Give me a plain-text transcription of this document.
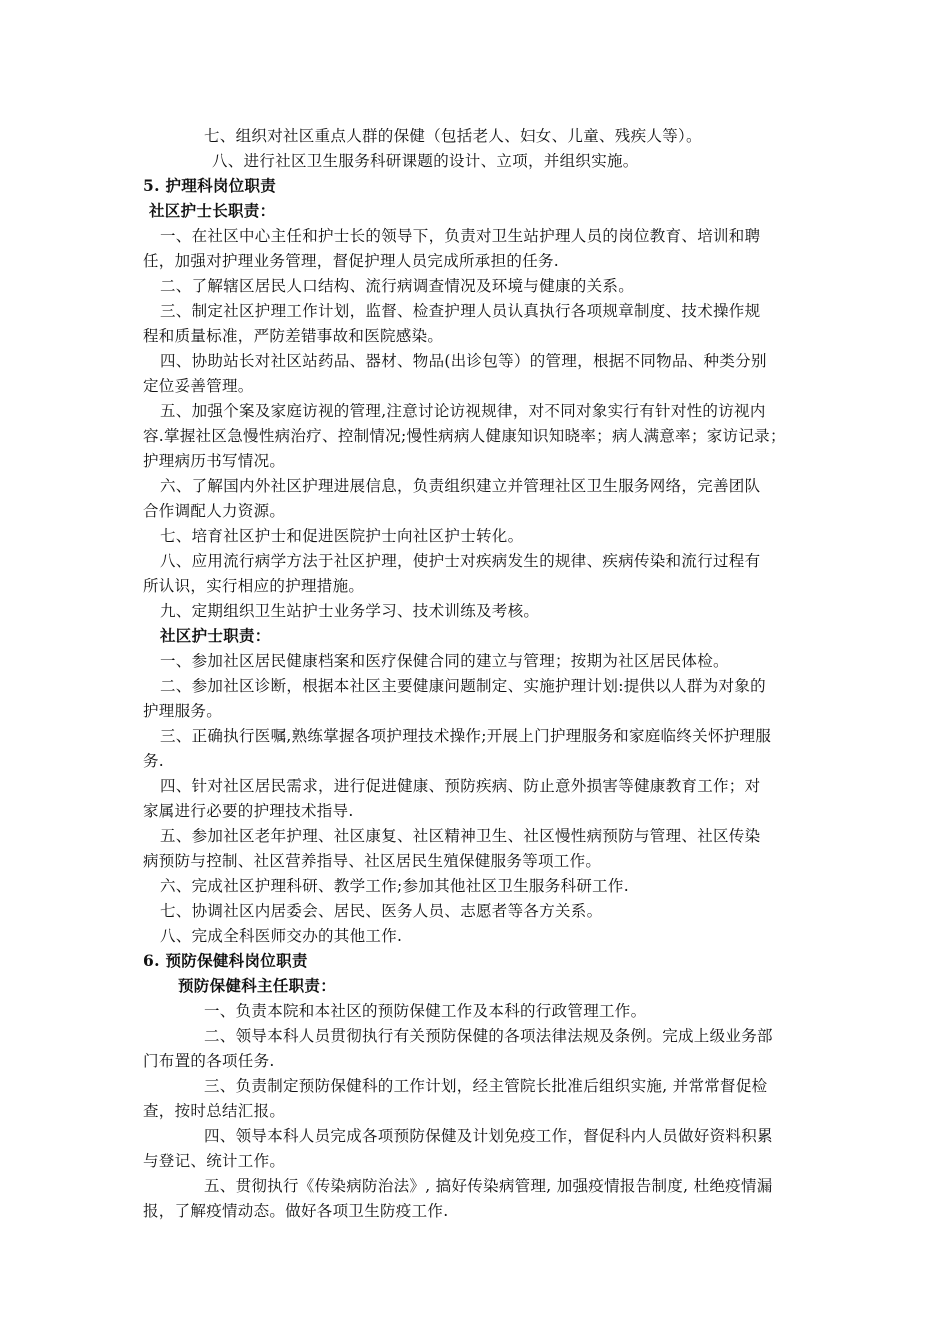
七、组织对社区重点人群的保健（包括老人、妇女、儿童、残疾人等）。
八、进行社区卫生服务科研课题的设计、立项，并组织实施。
5. 护理科岗位职责
社区护士长职责：
一、在社区中心主任和护士长的领导下，负责对卫生站护理人员的岗位教育、培训和聘
任，加强对护理业务管理，督促护理人员完成所承担的任务.
二、了解辖区居民人口结构、流行病调查情况及环境与健康的关系。
三、制定社区护理工作计划，监督、检查护理人员认真执行各项规章制度、技术操作规
程和质量标准，严防差错事故和医院感染。
四、协助站长对社区站药品、器材、物品(出诊包等）的管理，根据不同物品、种类分别
定位妥善管理。
五、加强个案及家庭访视的管理,注意讨论访视规律，对不同对象实行有针对性的访视内
容.掌握社区急慢性病治疗、控制情况;慢性病病人健康知识知晓率；病人满意率；家访记录；
护理病历书写情况。
六、了解国内外社区护理进展信息，负责组织建立并管理社区卫生服务网络，完善团队
合作调配人力资源。
七、培育社区护士和促进医院护士向社区护士转化。
八、应用流行病学方法于社区护理，使护士对疾病发生的规律、疾病传染和流行过程有
所认识，实行相应的护理措施。
九、定期组织卫生站护士业务学习、技术训练及考核。
社区护士职责：
一、参加社区居民健康档案和医疗保健合同的建立与管理；按期为社区居民体检。
二、参加社区诊断，根据本社区主要健康问题制定、实施护理计划:提供以人群为对象的
护理服务。
三、正确执行医嘱,熟练掌握各项护理技术操作;开展上门护理服务和家庭临终关怀护理服
务.
四、针对社区居民需求，进行促进健康、预防疾病、防止意外损害等健康教育工作；对
家属进行必要的护理技术指导.
五、参加社区老年护理、社区康复、社区精神卫生、社区慢性病预防与管理、社区传染
病预防与控制、社区营养指导、社区居民生殖保健服务等项工作。
六、完成社区护理科研、教学工作;参加其他社区卫生服务科研工作.
七、协调社区内居委会、居民、医务人员、志愿者等各方关系。
八、完成全科医师交办的其他工作.
6. 预防保健科岗位职责
预防保健科主任职责：
一、负责本院和本社区的预防保健工作及本科的行政管理工作。
二、领导本科人员贯彻执行有关预防保健的各项法律法规及条例。完成上级业务部
门布置的各项任务.
三、负责制定预防保健科的工作计划，经主管院长批准后组织实施, 并常常督促检
查，按时总结汇报。
四、领导本科人员完成各项预防保健及计划免疫工作，督促科内人员做好资料积累
与登记、统计工作。
五、贯彻执行《传染病防治法》, 搞好传染病管理, 加强疫情报告制度, 杜绝疫情漏
报，了解疫情动态。做好各项卫生防疫工作.
